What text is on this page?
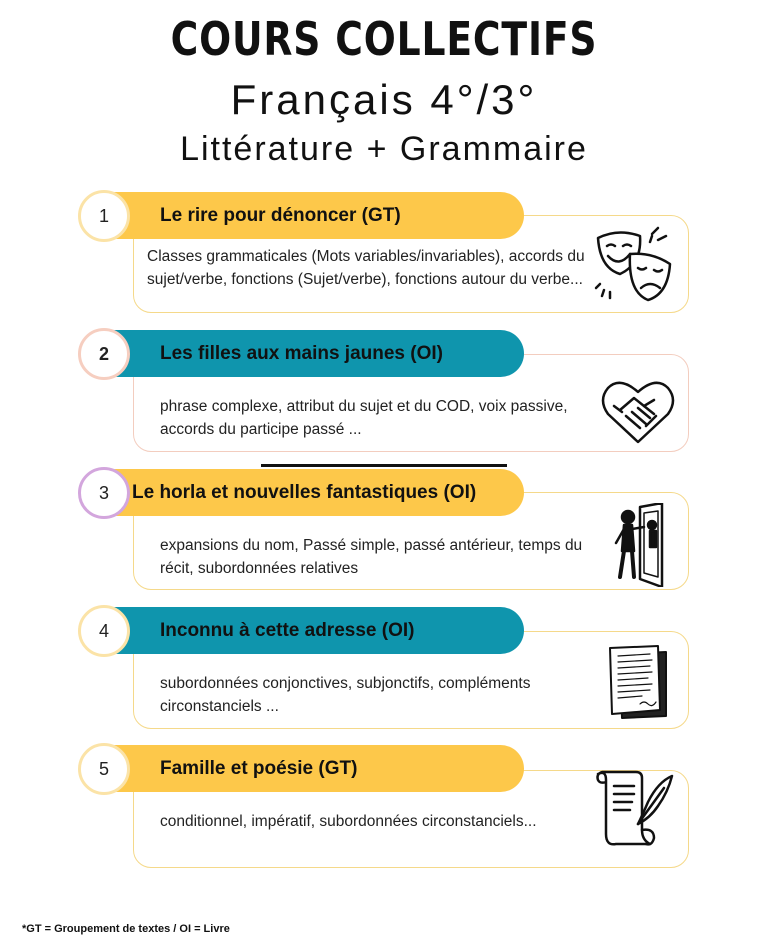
COURS COLLECTIFS
Français 4°/3°
Littérature + Grammaire
Le rire pour dénoncer (GT)
1
Classes grammaticales (Mots variables/invariables), accords du sujet/verbe, fonctions (Sujet/verbe), fonctions autour du verbe...
Les filles aux mains jaunes (OI)
2
phrase complexe, attribut du sujet et du COD, voix passive, accords du participe passé ...
Le horla et nouvelles fantastiques (OI)
3
expansions du nom, Passé simple, passé antérieur, temps du récit, subordonnées relatives
Inconnu à cette adresse (OI)
4
subordonnées conjonctives, subjonctifs, compléments circonstanciels ...
Famille et poésie (GT)
5
conditionnel, impératif, subordonnées circonstanciels...
*GT = Groupement de textes / OI = Livre
